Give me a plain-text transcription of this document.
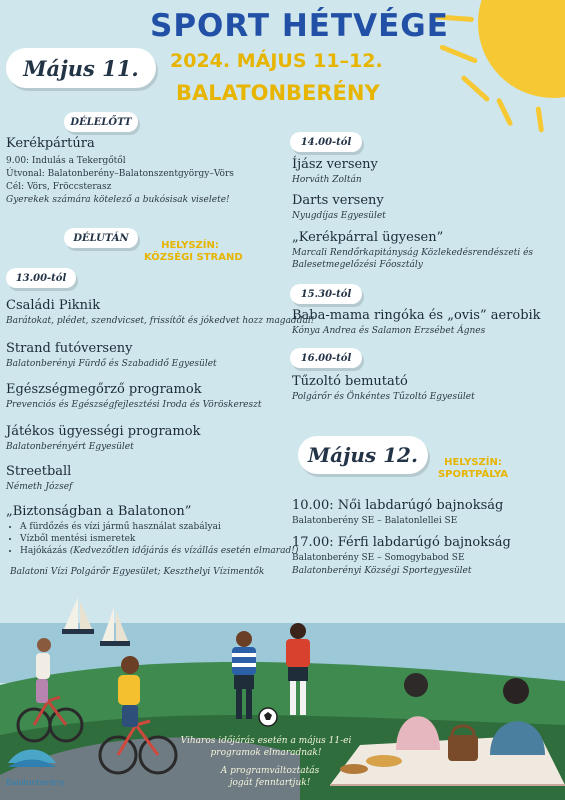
SPORT HÉTVÉGE
2024. MÁJUS 11–12.
BALATONBERÉNY
Május 11.
DÉLELŐTT
Kerékpártúra
9.00: Indulás a Tekergőtől
Útvonal: Balatonberény–Balatonszentgyörgy–Vörs
Cél: Vörs, Fröccsterasz
Gyerekek számára kötelező a bukósisak viselete!
DÉLUTÁN
HELYSZÍN:
KÖZSÉGI STRAND
13.00-tól
Családi Piknik
Barátokat, plédet, szendvicset, frissítőt és jókedvet hozz magaddal!
Strand futóverseny
Balatonberényi Fürdő és Szabadidő Egyesület
Egészségmegőrző programok
Prevenciós és Egészségfejlesztési Iroda és Vöröskereszt
Játékos ügyességi programok
Balatonberényért Egyesület
Streetball
Németh József
„Biztonságban a Balatonon”
• A fürdőzés és vízi jármű használat szabályai
• Vízből mentési ismeretek
• Hajókázás (Kedvezőtlen időjárás és vízállás esetén elmarad!)
Balatoni Vízi Polgárőr Egyesület; Keszthelyi Vízimentők
14.00-tól
Íjász verseny
Horváth Zoltán
Darts verseny
Nyugdíjas Egyesület
„Kerékpárral ügyesen”
Marcali Rendőrkapitányság Közlekedésrendészeti és
Balesetmegelőzési Főosztály
15.30-tól
Baba-mama ringóka és „ovis” aerobik
Kónya Andrea és Salamon Erzsébet Ágnes
16.00-tól
Tűzoltó bemutató
Polgárőr és Önkéntes Tűzoltó Egyesület
Május 12.	HELYSZÍN:
SPORTPÁLYA
10.00: Női labdarúgó bajnokság
Balatonberény SE – Balatonlellei SE
17.00: Férfi labdarúgó bajnokság
Balatonberény SE – Somogybabod SE
Balatonberényi Községi Sportegyesület
Balatonberény
Viharos időjárás esetén a május 11-ei
programok elmaradnak!
A programváltoztatás
jogát fenntartjuk!
